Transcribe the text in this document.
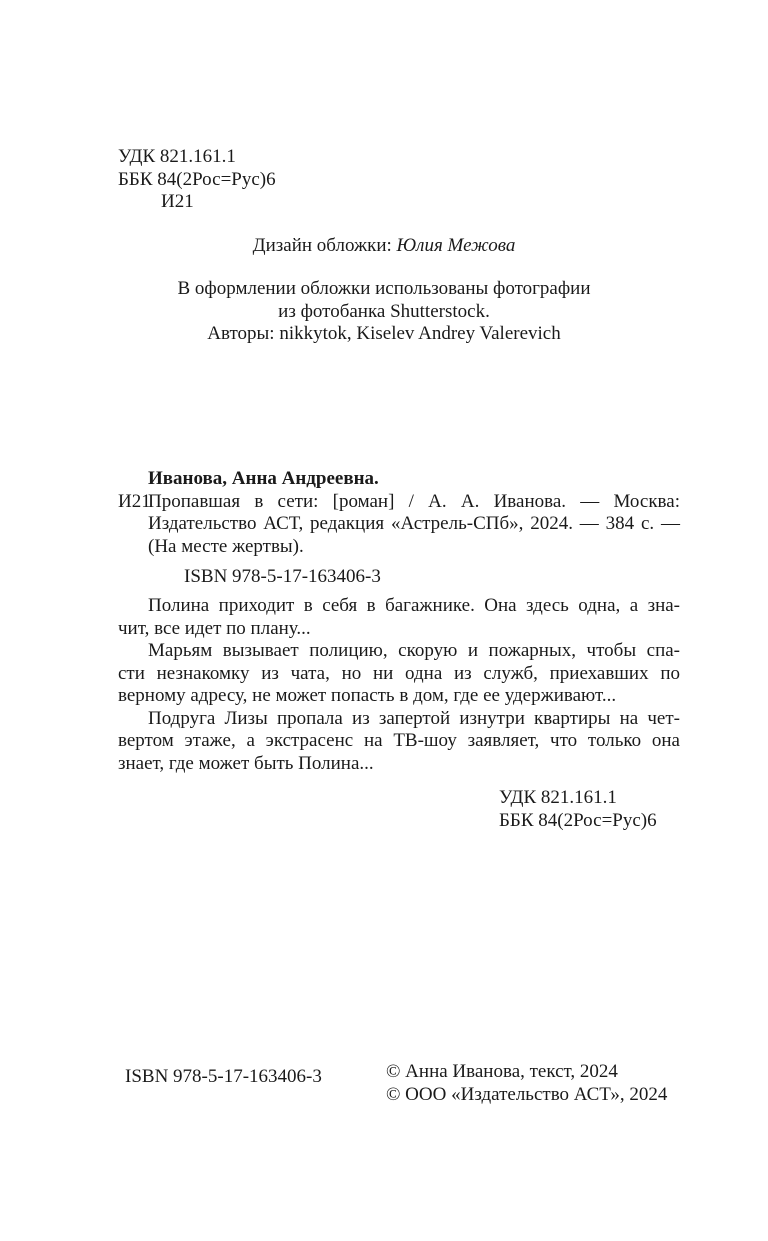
УДК 821.161.1
ББК 84(2Рос=Рус)6
И21
Дизайн обложки: Юлия Межова
В оформлении обложки использованы фотографии
из фотобанка Shutterstock.
Авторы: nikkytok, Kiselev Andrey Valerevich
Иванова, Анна Андреевна.
И21
Пропавшая в сети: [роман] / А. А. Иванова. — Москва:
Издательство АСТ, редакция «Астрель-СПб», 2024. — 384 с. —
(На месте жертвы).
ISBN 978-5-17-163406-3
Полина приходит в себя в багажнике. Она здесь одна, а зна-
чит, все идет по плану...
Марьям вызывает полицию, скорую и пожарных, чтобы спа-
сти незнакомку из чата, но ни одна из служб, приехавших по
верному адресу, не может попасть в дом, где ее удерживают...
Подруга Лизы пропала из запертой изнутри квартиры на чет-
вертом этаже, а экстрасенс на ТВ-шоу заявляет, что только она
знает, где может быть Полина...
УДК 821.161.1
ББК 84(2Рос=Рус)6
ISBN 978-5-17-163406-3	© Анна Иванова, текст, 2024
© ООО «Издательство АСТ», 2024
